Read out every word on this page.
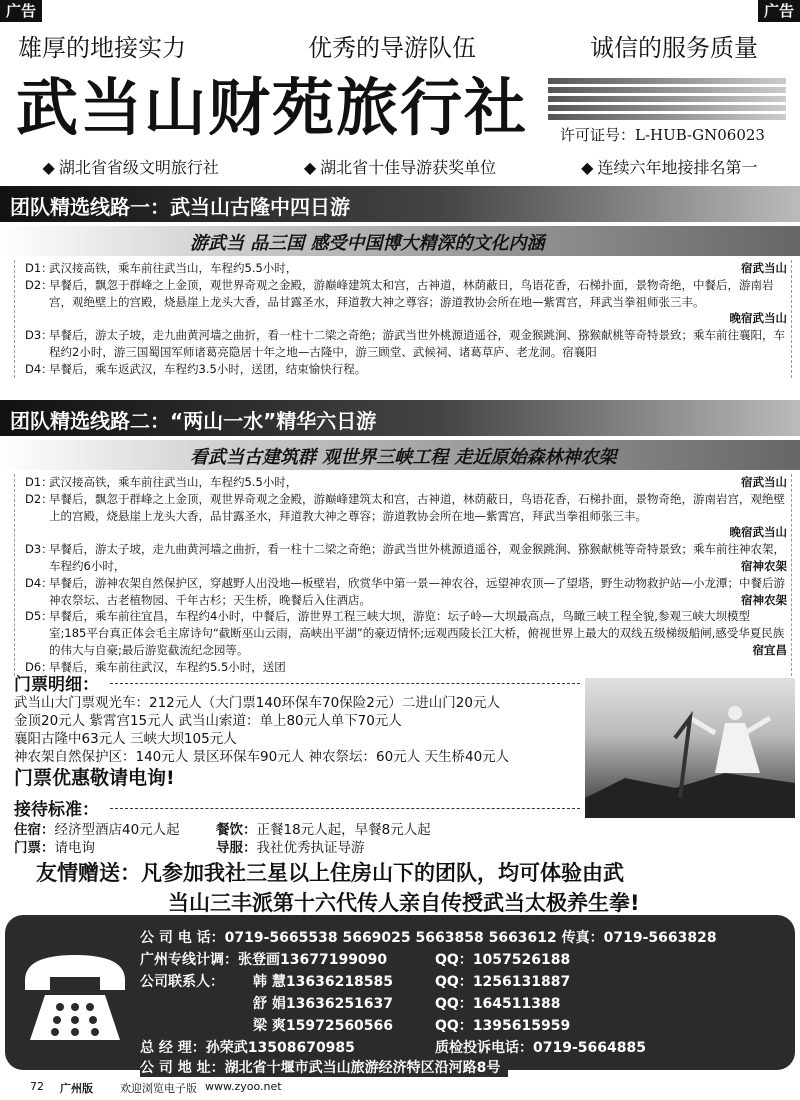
广告	广告
雄厚的地接实力	优秀的导游队伍	诚信的服务质量
武当山财苑旅行社 许可证号：L-HUB-GN06023
◆ 湖北省省级文明旅行社	◆ 湖北省十佳导游获奖单位	◆ 连续六年地接排名第一
团队精选线路一：武当山古隆中四日游
游武当 品三国 感受中国博大精深的文化内涵
D1：
武汉接高铁，乘车前往武当山，车程约5.5小时，	宿武当山
D2：
早餐后，飘忽于群峰之上金顶，观世界奇观之金殿，游巅峰建筑太和宫，古神道，林荫蔽日，鸟语花香，石梯扑面，景物奇绝，中餐后，游南岩宫，观绝壁上的宫殿，烧悬崖上龙头大香，品甘露圣水，拜道教大神之尊容；游道教协会所在地—紫霄宫，拜武当拳祖师张三丰。
晚宿武当山
D3：
早餐后，游太子坡，走九曲黄河墙之曲折，看一柱十二梁之奇绝；游武当世外桃源逍遥谷，观金猴跳涧、猕猴献桃等奇特景致；乘车前往襄阳，车程约2小时，游三国蜀国军师诸葛亮隐居十年之地—古隆中，游三顾堂、武候祠、诸葛草庐、老龙洞。宿襄阳
D4：
早餐后，乘车返武汉，车程约3.5小时，送团，结束愉快行程。
团队精选线路二：“两山一水”精华六日游
看武当古建筑群 观世界三峡工程 走近原始森林神农架
D1：
武汉接高铁，乘车前往武当山，车程约5.5小时，	宿武当山
D2：
早餐后，飘忽于群峰之上金顶，观世界奇观之金殿，游巅峰建筑太和宫，古神道，林荫蔽日，鸟语花香，石梯扑面，景物奇绝，游南岩宫，观绝壁上的宫殿，烧悬崖上龙头大香，品甘露圣水，拜道教大神之尊容；游道教协会所在地—紫霄宫，拜武当拳祖师张三丰。
晚宿武当山
D3：
早餐后，游太子坡，走九曲黄河墙之曲折，看一柱十二梁之奇绝；游武当世外桃源逍遥谷，观金猴跳涧、猕猴献桃等奇特景致；乘车前往神农架，车程约6小时，	宿神农架
D4：
早餐后，游神农架自然保护区，穿越野人出没地—板壁岩，欣赏华中第一景—神农谷，远望神农顶—了望塔，野生动物救护站—小龙潭；中餐后游神农祭坛、古老植物园、千年古杉；天生桥，晚餐后入住酒店。	宿神农架
D5：
早餐后，乘车前往宜昌，车程约4小时，中餐后，游世界工程三峡大坝，游览：坛子岭—大坝最高点，鸟瞰三峡工程全貌,参观三峡大坝模型室;185平台真正体会毛主席诗句“截断巫山云雨，高峡出平湖”的豪迈情怀;远观西陵长江大桥，俯视世界上最大的双线五级梯级船闸,感受华夏民族的伟大与自豪;最后游览截流纪念园等。	宿宜昌
D6：
早餐后，乘车前往武汉，车程约5.5小时，送团
门票明细：
武当山大门票观光车：212元人（大门票140环保车70保险2元）二进山门20元人
金顶20元人 紫霄宫15元人 武当山索道：单上80元人单下70元人
襄阳古隆中63元人 三峡大坝105元人
神农架自然保护区：140元人 景区环保车90元人 神农祭坛：60元人 天生桥40元人
门票优惠敬请电询!
接待标准：
住宿：经济型酒店40元人起	餐饮：正餐18元人起，早餐8元人起
门票：请电询	导服：我社优秀执证导游
友情赠送：凡参加我社三星以上住房山下的团队，均可体验由武
当山三丰派第十六代传人亲自传授武当太极养生拳!
公 司 电 话：0719-5665538 5669025 5663858 5663612 传真：0719-5663828
广州专线计调：张登画13677199090	QQ：1057526188
公司联系人： 韩 慧13636218585	QQ：1256131887
舒 娟13636251637	QQ：164511388
梁 爽15972560566	QQ：1395615959
总 经 理：孙荣武13508670985	质检投诉电话：0719-5664885
公 司 地 址：湖北省十堰市武当山旅游经济特区沿河路8号
72 广州版 欢迎浏览电子版 www.zyoo.net
